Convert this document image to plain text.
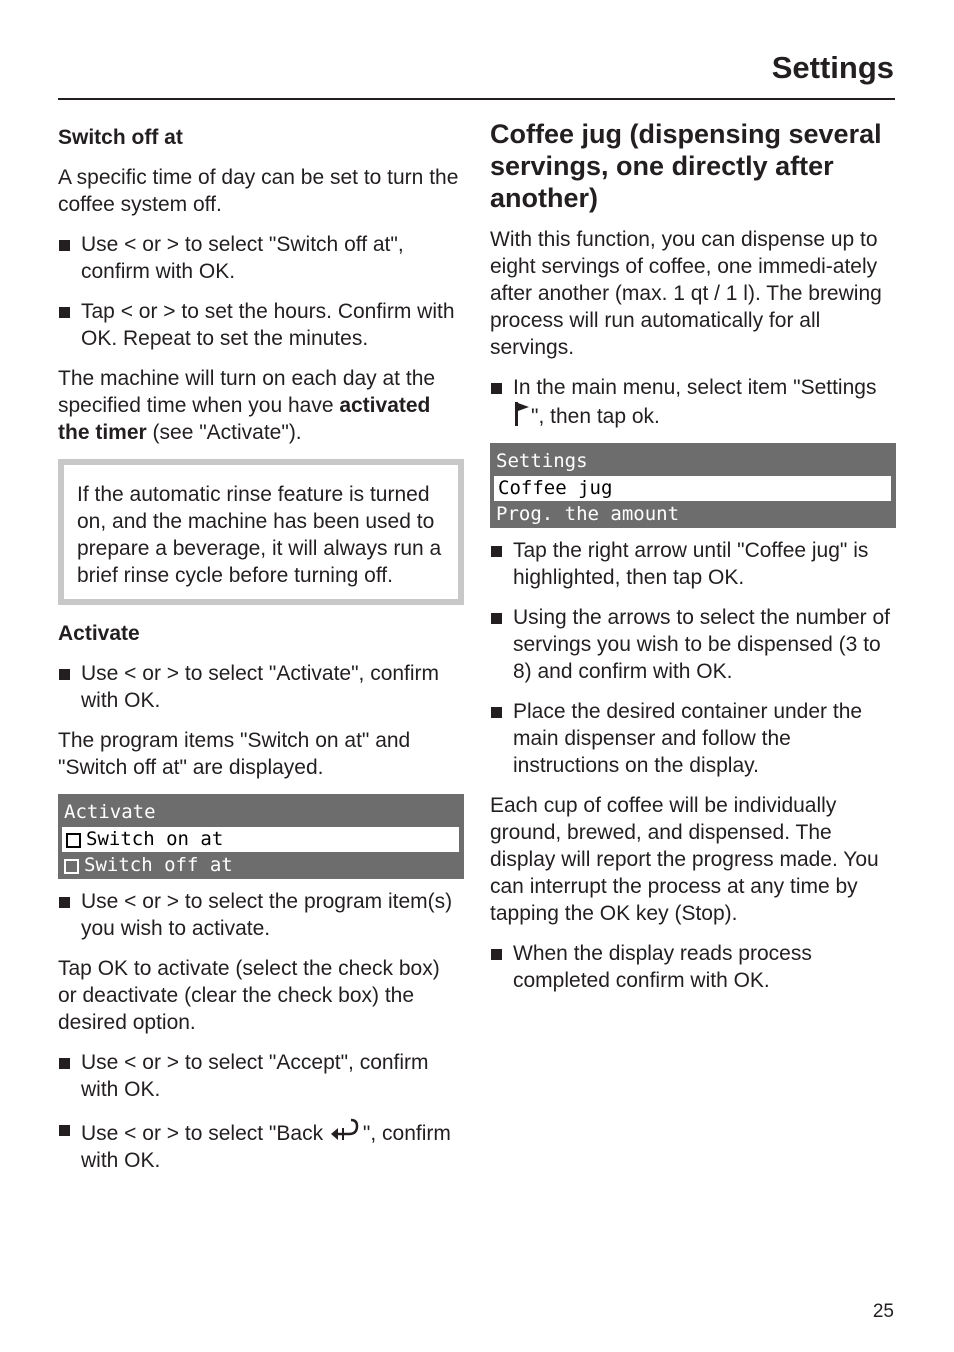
Settings
Switch off at

A specific time of day can be set to turn the coffee system off.

Use < or > to select "Switch off at", confirm with OK.
Tap < or > to set the hours. Confirm with OK. Repeat to set the minutes.

The machine will turn on each day at the specified time when you have activated the timer (see "Activate").

If the automatic rinse feature is turned on, and the machine has been used to prepare a beverage, it will always run a brief rinse cycle before turning off.
Activate
Use < or > to select "Activate", confirm with OK.

The program items "Switch on at" and "Switch off at" are displayed.

Activate
Switch on at
Switch off at
Use < or > to select the program item(s) you wish to activate.

Tap OK to activate (select the check box) or deactivate (clear the check box) the desired option.

Use < or > to select "Accept", confirm with OK.
Use < or > to select "Back ", confirm with OK.
Coffee jug (dispensing several servings, one directly after another)

With this function, you can dispense up to eight servings of coffee, one immedi-ately after another (max. 1 qt / 1 l). The brewing process will run automatically for all servings.

In the main menu, select item "Settings ", then tap ok.
Settings
Coffee jug
Prog. the amount
Tap the right arrow until "Coffee jug" is highlighted, then tap OK.
Using the arrows to select the number of servings you wish to be dispensed (3 to 8) and confirm with OK.
Place the desired container under the main dispenser and follow the instructions on the display.

Each cup of coffee will be individually ground, brewed, and dispensed. The display will report the progress made. You can interrupt the process at any time by tapping the OK key (Stop).

When the display reads process completed confirm with OK.
25
